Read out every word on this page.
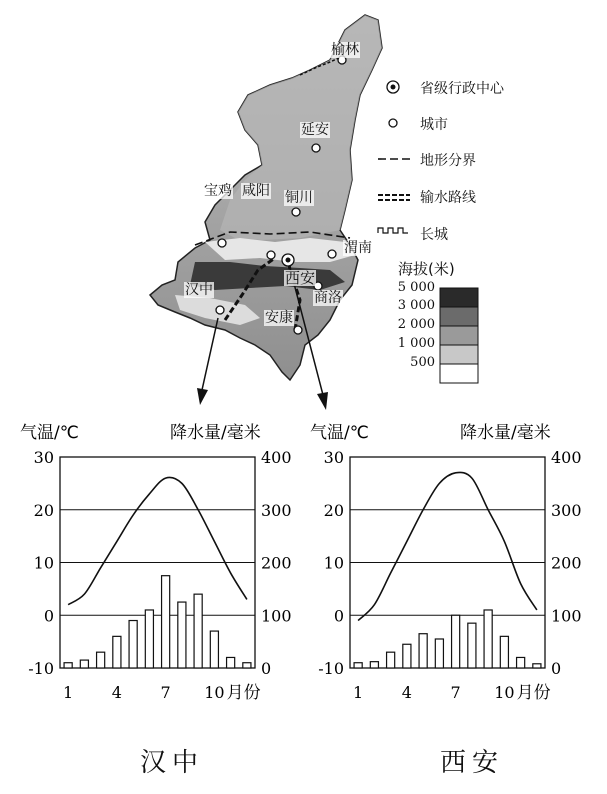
榆林
延安
铜川
宝鸡 咸阳
西安
渭南
商洛
汉中
安康
省级行政中心
城市
地形分界
输水路线
长城
海拔(米)
5 000
3 000
2 000
1 000
500
气温/℃	降水量/毫米
30
20
10
0
-10
400
300
200
100
0
1 4 7 10 月份
气温/℃	降水量/毫米
30
20
10
0
-10
400
300
200
100
0
1 4 7 10 月份
汉中	西安
